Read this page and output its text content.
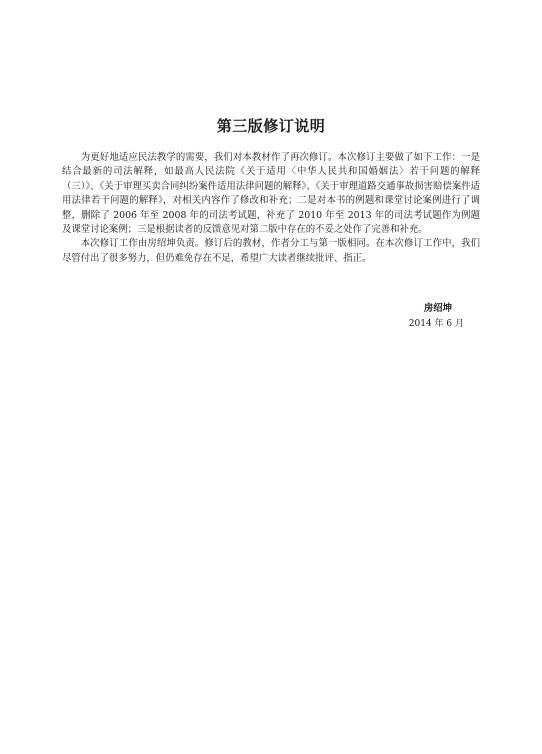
第三版修订说明

为更好地适应民法教学的需要，我们对本教材作了再次修订。本次修订主要做了如下工作：一是结合最新的司法解释，如最高人民法院《关于适用〈中华人民共和国婚姻法〉若干问题的解释（三）》、《关于审理买卖合同纠纷案件适用法律问题的解释》、《关于审理道路交通事故损害赔偿案件适用法律若干问题的解释》，对相关内容作了修改和补充；二是对本书的例题和课堂讨论案例进行了调整，删除了 2006 年至 2008 年的司法考试题，补充了 2010 年至 2013 年的司法考试题作为例题及课堂讨论案例；三是根据读者的反馈意见对第二版中存在的不妥之处作了完善和补充。

本次修订工作由房绍坤负责。修订后的教材，作者分工与第一版相同。在本次修订工作中，我们尽管付出了很多努力，但仍难免存在不足，希望广大读者继续批评、指正。

房绍坤
2014 年 6 月
